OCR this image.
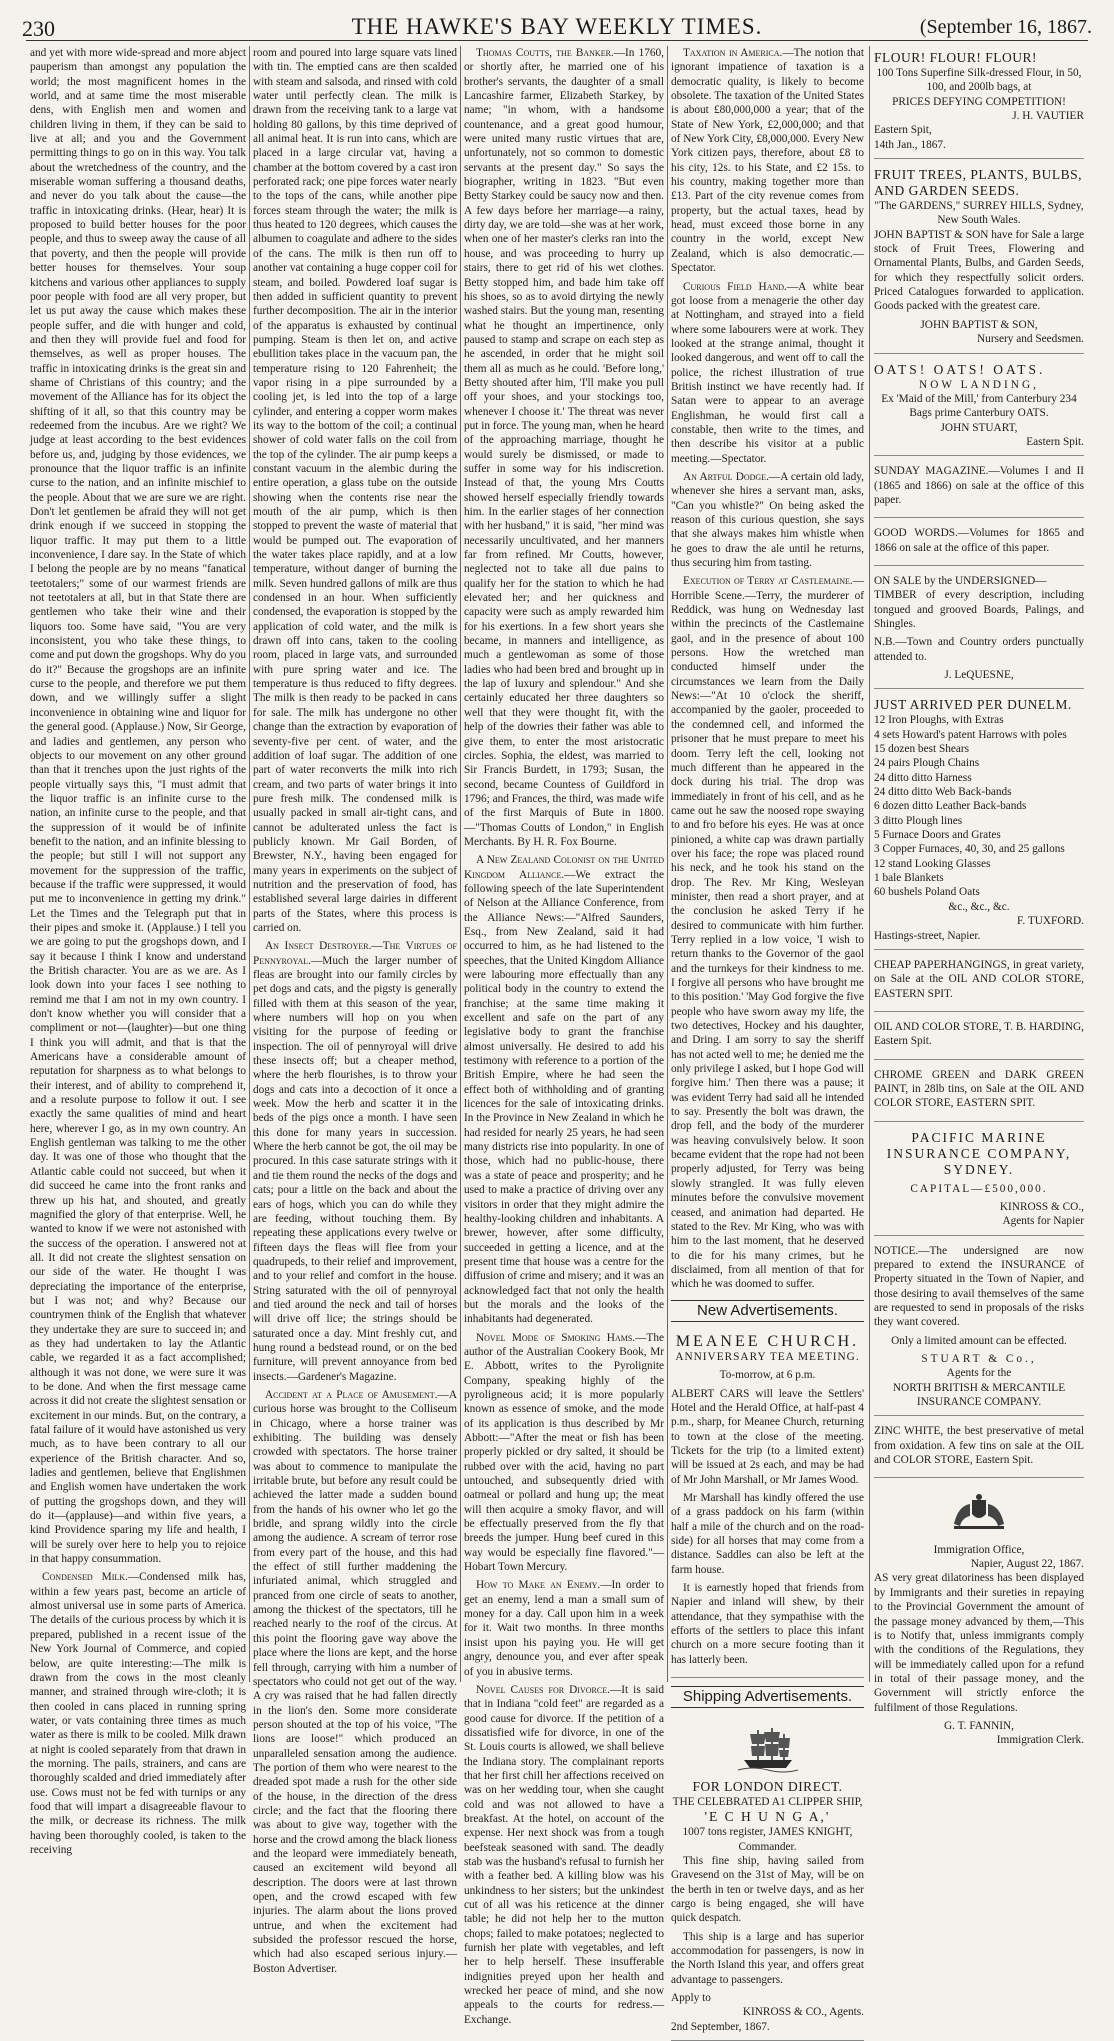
230	THE HAWKE'S BAY WEEKLY TIMES.	(September 16, 1867.

and yet with more wide-spread and more abject pauperism than amongst any population the world; the most magnificent homes in the world, and at same time the most miserable dens, with English men and women and children living in them, if they can be said to live at all; and you and the Government permitting things to go on in this way. You talk about the wretchedness of the country, and the miserable woman suffering a thousand deaths, and never do you talk about the cause—the traffic in intoxicating drinks. (Hear, hear) It is proposed to build better houses for the poor people, and thus to sweep away the cause of all that poverty, and then the people will provide better houses for themselves. Your soup kitchens and various other appliances to supply poor people with food are all very proper, but let us put away the cause which makes these people suffer, and die with hunger and cold, and then they will provide fuel and food for themselves, as well as proper houses. The traffic in intoxicating drinks is the great sin and shame of Christians of this country; and the movement of the Alliance has for its object the shifting of it all, so that this country may be redeemed from the incubus. Are we right? We judge at least according to the best evidences before us, and, judging by those evidences, we pronounce that the liquor traffic is an infinite curse to the nation, and an infinite mischief to the people. About that we are sure we are right. Don't let gentlemen be afraid they will not get drink enough if we succeed in stopping the liquor traffic. It may put them to a little inconvenience, I dare say. In the State of which I belong the people are by no means "fanatical teetotalers;" some of our warmest friends are not teetotalers at all, but in that State there are gentlemen who take their wine and their liquors too. Some have said, "You are very inconsistent, you who take these things, to come and put down the grogshops. Why do you do it?" Because the grogshops are an infinite curse to the people, and therefore we put them down, and we willingly suffer a slight inconvenience in obtaining wine and liquor for the general good. (Applause.) Now, Sir George, and ladies and gentlemen, any person who objects to our movement on any other ground than that it trenches upon the just rights of the people virtually says this, "I must admit that the liquor traffic is an infinite curse to the nation, an infinite curse to the people, and that the suppression of it would be of infinite benefit to the nation, and an infinite blessing to the people; but still I will not support any movement for the suppression of the traffic, because if the traffic were suppressed, it would put me to inconvenience in getting my drink." Let the Times and the Telegraph put that in their pipes and smoke it. (Applause.) I tell you we are going to put the grogshops down, and I say it because I think I know and understand the British character. You are as we are. As I look down into your faces I see nothing to remind me that I am not in my own country. I don't know whether you will consider that a compliment or not—(laughter)—but one thing I think you will admit, and that is that the Americans have a considerable amount of reputation for sharpness as to what belongs to their interest, and of ability to comprehend it, and a resolute purpose to follow it out. I see exactly the same qualities of mind and heart here, wherever I go, as in my own country. An English gentleman was talking to me the other day. It was one of those who thought that the Atlantic cable could not succeed, but when it did succeed he came into the front ranks and threw up his hat, and shouted, and greatly magnified the glory of that enterprise. Well, he wanted to know if we were not astonished with the success of the operation. I answered not at all. It did not create the slightest sensation on our side of the water. He thought I was depreciating the importance of the enterprise, but I was not; and why? Because our countrymen think of the English that whatever they undertake they are sure to succeed in; and as they had undertaken to lay the Atlantic cable, we regarded it as a fact accomplished; although it was not done, we were sure it was to be done. And when the first message came across it did not create the slightest sensation or excitement in our minds. But, on the contrary, a fatal failure of it would have astonished us very much, as to have been contrary to all our experience of the British character. And so, ladies and gentlemen, believe that Englishmen and English women have undertaken the work of putting the grogshops down, and they will do it—(applause)—and within five years, a kind Providence sparing my life and health, I will be surely over here to help you to rejoice in that happy consummation.

Condensed Milk.—Condensed milk has, within a few years past, become an article of almost universal use in some parts of America. The details of the curious process by which it is prepared, published in a recent issue of the New York Journal of Commerce, and copied below, are quite interesting:—The milk is drawn from the cows in the most cleanly manner, and strained through wire-cloth; it is then cooled in cans placed in running spring water, or vats containing three times as much water as there is milk to be cooled. Milk drawn at night is cooled separately from that drawn in the morning. The pails, strainers, and cans are thoroughly scalded and dried immediately after use. Cows must not be fed with turnips or any food that will impart a disagreeable flavour to the milk, or decrease its richness. The milk having been thoroughly cooled, is taken to the receiving

room and poured into large square vats lined with tin. The emptied cans are then scalded with steam and salsoda, and rinsed with cold water until perfectly clean. The milk is drawn from the receiving tank to a large vat holding 80 gallons, by this time deprived of all animal heat. It is run into cans, which are placed in a large circular vat, having a chamber at the bottom covered by a cast iron perforated rack; one pipe forces water nearly to the tops of the cans, while another pipe forces steam through the water; the milk is thus heated to 120 degrees, which causes the albumen to coagulate and adhere to the sides of the cans. The milk is then run off to another vat containing a huge copper coil for steam, and boiled. Powdered loaf sugar is then added in sufficient quantity to prevent further decomposition. The air in the interior of the apparatus is exhausted by continual pumping. Steam is then let on, and active ebullition takes place in the vacuum pan, the temperature rising to 120 Fahrenheit; the vapor rising in a pipe surrounded by a cooling jet, is led into the top of a large cylinder, and entering a copper worm makes its way to the bottom of the coil; a continual shower of cold water falls on the coil from the top of the cylinder. The air pump keeps a constant vacuum in the alembic during the entire operation, a glass tube on the outside showing when the contents rise near the mouth of the air pump, which is then stopped to prevent the waste of material that would be pumped out. The evaporation of the water takes place rapidly, and at a low temperature, without danger of burning the milk. Seven hundred gallons of milk are thus condensed in an hour. When sufficiently condensed, the evaporation is stopped by the application of cold water, and the milk is drawn off into cans, taken to the cooling room, placed in large vats, and surrounded with pure spring water and ice. The temperature is thus reduced to fifty degrees. The milk is then ready to be packed in cans for sale. The milk has undergone no other change than the extraction by evaporation of seventy-five per cent. of water, and the addition of loaf sugar. The addition of one part of water reconverts the milk into rich cream, and two parts of water brings it into pure fresh milk. The condensed milk is usually packed in small air-tight cans, and cannot be adulterated unless the fact is publicly known. Mr Gail Borden, of Brewster, N.Y., having been engaged for many years in experiments on the subject of nutrition and the preservation of food, has established several large dairies in different parts of the States, where this process is carried on.

An Insect Destroyer.—The Virtues of Pennyroyal.—Much the larger number of fleas are brought into our family circles by pet dogs and cats, and the pigsty is generally filled with them at this season of the year, where numbers will hop on you when visiting for the purpose of feeding or inspection. The oil of pennyroyal will drive these insects off; but a cheaper method, where the herb flourishes, is to throw your dogs and cats into a decoction of it once a week. Mow the herb and scatter it in the beds of the pigs once a month. I have seen this done for many years in succession. Where the herb cannot be got, the oil may be procured. In this case saturate strings with it and tie them round the necks of the dogs and cats; pour a little on the back and about the ears of hogs, which you can do while they are feeding, without touching them. By repeating these applications every twelve or fifteen days the fleas will flee from your quadrupeds, to their relief and improvement, and to your relief and comfort in the house. String saturated with the oil of pennyroyal and tied around the neck and tail of horses will drive off lice; the strings should be saturated once a day. Mint freshly cut, and hung round a bedstead round, or on the bed furniture, will prevent annoyance from bed insects.—Gardener's Magazine.

Accident at a Place of Amusement.—A curious horse was brought to the Colliseum in Chicago, where a horse trainer was exhibiting. The building was densely crowded with spectators. The horse trainer was about to commence to manipulate the irritable brute, but before any result could be achieved the latter made a sudden bound from the hands of his owner who let go the bridle, and sprang wildly into the circle among the audience. A scream of terror rose from every part of the house, and this had the effect of still further maddening the infuriated animal, which struggled and pranced from one circle of seats to another, among the thickest of the spectators, till he reached nearly to the roof of the circus. At this point the flooring gave way above the place where the lions are kept, and the horse fell through, carrying with him a number of spectators who could not get out of the way. A cry was raised that he had fallen directly in the lion's den. Some more considerate person shouted at the top of his voice, "The lions are loose!" which produced an unparalleled sensation among the audience. The portion of them who were nearest to the dreaded spot made a rush for the other side of the house, in the direction of the dress circle; and the fact that the flooring there was about to give way, together with the horse and the crowd among the black lioness and the leopard were immediately beneath, caused an excitement wild beyond all description. The doors were at last thrown open, and the crowd escaped with few injuries. The alarm about the lions proved untrue, and when the excitement had subsided the professor rescued the horse, which had also escaped serious injury.—Boston Advertiser.

Thomas Coutts, the Banker.—In 1760, or shortly after, he married one of his brother's servants, the daughter of a small Lancashire farmer, Elizabeth Starkey, by name; "in whom, with a handsome countenance, and a great good humour, were united many rustic virtues that are, unfortunately, not so common to domestic servants at the present day." So says the biographer, writing in 1823. "But even Betty Starkey could be saucy now and then. A few days before her marriage—a rainy, dirty day, we are told—she was at her work, when one of her master's clerks ran into the house, and was proceeding to hurry up stairs, there to get rid of his wet clothes. Betty stopped him, and bade him take off his shoes, so as to avoid dirtying the newly washed stairs. But the young man, resenting what he thought an impertinence, only paused to stamp and scrape on each step as he ascended, in order that he might soil them all as much as he could. 'Before long,' Betty shouted after him, 'I'll make you pull off your shoes, and your stockings too, whenever I choose it.' The threat was never put in force. The young man, when he heard of the approaching marriage, thought he would surely be dismissed, or made to suffer in some way for his indiscretion. Instead of that, the young Mrs Coutts showed herself especially friendly towards him. In the earlier stages of her connection with her husband," it is said, "her mind was necessarily uncultivated, and her manners far from refined. Mr Coutts, however, neglected not to take all due pains to qualify her for the station to which he had elevated her; and her quickness and capacity were such as amply rewarded him for his exertions. In a few short years she became, in manners and intelligence, as much a gentlewoman as some of those ladies who had been bred and brought up in the lap of luxury and splendour." And she certainly educated her three daughters so well that they were thought fit, with the help of the dowries their father was able to give them, to enter the most aristocratic circles. Sophia, the eldest, was married to Sir Francis Burdett, in 1793; Susan, the second, became Countess of Guildford in 1796; and Frances, the third, was made wife of the first Marquis of Bute in 1800.—"Thomas Coutts of London," in English Merchants. By H. R. Fox Bourne.

A New Zealand Colonist on the United Kingdom Alliance.—We extract the following speech of the late Superintendent of Nelson at the Alliance Conference, from the Alliance News:—"Alfred Saunders, Esq., from New Zealand, said it had occurred to him, as he had listened to the speeches, that the United Kingdom Alliance were labouring more effectually than any political body in the country to extend the franchise; at the same time making it excellent and safe on the part of any legislative body to grant the franchise almost universally. He desired to add his testimony with reference to a portion of the British Empire, where he had seen the effect both of withholding and of granting licences for the sale of intoxicating drinks. In the Province in New Zealand in which he had resided for nearly 25 years, he had seen many districts rise into popularity. In one of those, which had no public-house, there was a state of peace and prosperity; and he used to make a practice of driving over any visitors in order that they might admire the healthy-looking children and inhabitants. A brewer, however, after some difficulty, succeeded in getting a licence, and at the present time that house was a centre for the diffusion of crime and misery; and it was an acknowledged fact that not only the health but the morals and the looks of the inhabitants had degenerated.

Novel Mode of Smoking Hams.—The author of the Australian Cookery Book, Mr E. Abbott, writes to the Pyrolignite Company, speaking highly of the pyroligneous acid; it is more popularly known as essence of smoke, and the mode of its application is thus described by Mr Abbott:—"After the meat or fish has been properly pickled or dry salted, it should be rubbed over with the acid, having no part untouched, and subsequently dried with oatmeal or pollard and hung up; the meat will then acquire a smoky flavor, and will be effectually preserved from the fly that breeds the jumper. Hung beef cured in this way would be especially fine flavored."—Hobart Town Mercury.

How to Make an Enemy.—In order to get an enemy, lend a man a small sum of money for a day. Call upon him in a week for it. Wait two months. In three months insist upon his paying you. He will get angry, denounce you, and ever after speak of you in abusive terms.

Novel Causes for Divorce.—It is said that in Indiana "cold feet" are regarded as a good cause for divorce. If the petition of a dissatisfied wife for divorce, in one of the St. Louis courts is allowed, we shall believe the Indiana story. The complainant reports that her first chill her affections received on was on her wedding tour, when she caught cold and was not allowed to have a breakfast. At the hotel, on account of the expense. Her next shock was from a tough beefsteak seasoned with sand. The deadly stab was the husband's refusal to furnish her with a feather bed. A killing blow was his unkindness to her sisters; but the unkindest cut of all was his reticence at the dinner table; he did not help her to the mutton chops; failed to make potatoes; neglected to furnish her plate with vegetables, and left her to help herself. These insufferable indignities preyed upon her health and wrecked her peace of mind, and she now appeals to the courts for redress.—Exchange.

Taxation in America.—The notion that ignorant impatience of taxation is a democratic quality, is likely to become obsolete. The taxation of the United States is about £80,000,000 a year; that of the State of New York, £2,000,000; and that of New York City, £8,000,000. Every New York citizen pays, therefore, about £8 to his city, 12s. to his State, and £2 15s. to his country, making together more than £13. Part of the city revenue comes from property, but the actual taxes, head by head, must exceed those borne in any country in the world, except New Zealand, which is also democratic.—Spectator.

Curious Field Hand.—A white bear got loose from a menagerie the other day at Nottingham, and strayed into a field where some labourers were at work. They looked at the strange animal, thought it looked dangerous, and went off to call the police, the richest illustration of true British instinct we have recently had. If Satan were to appear to an average Englishman, he would first call a constable, then write to the times, and then describe his visitor at a public meeting.—Spectator.

An Artful Dodge.—A certain old lady, whenever she hires a servant man, asks, "Can you whistle?" On being asked the reason of this curious question, she says that she always makes him whistle when he goes to draw the ale until he returns, thus securing him from tasting.

Execution of Terry at Castlemaine.—Horrible Scene.—Terry, the murderer of Reddick, was hung on Wednesday last within the precincts of the Castlemaine gaol, and in the presence of about 100 persons. How the wretched man conducted himself under the circumstances we learn from the Daily News:—"At 10 o'clock the sheriff, accompanied by the gaoler, proceeded to the condemned cell, and informed the prisoner that he must prepare to meet his doom. Terry left the cell, looking not much different than he appeared in the dock during his trial. The drop was immediately in front of his cell, and as he came out he saw the noosed rope swaying to and fro before his eyes. He was at once pinioned, a white cap was drawn partially over his face; the rope was placed round his neck, and he took his stand on the drop. The Rev. Mr King, Wesleyan minister, then read a short prayer, and at the conclusion he asked Terry if he desired to communicate with him further. Terry replied in a low voice, 'I wish to return thanks to the Governor of the gaol and the turnkeys for their kindness to me. I forgive all persons who have brought me to this position.' 'May God forgive the five people who have sworn away my life, the two detectives, Hockey and his daughter, and Dring. I am sorry to say the sheriff has not acted well to me; he denied me the only privilege I asked, but I hope God will forgive him.' Then there was a pause; it was evident Terry had said all he intended to say. Presently the bolt was drawn, the drop fell, and the body of the murderer was heaving convulsively below. It soon became evident that the rope had not been properly adjusted, for Terry was being slowly strangled. It was fully eleven minutes before the convulsive movement ceased, and animation had departed. He stated to the Rev. Mr King, who was with him to the last moment, that he deserved to die for his many crimes, but he disclaimed, from all mention of that for which he was doomed to suffer.

New Advertisements.
MEANEE CHURCH.
ANNIVERSARY TEA MEETING.
To-morrow, at 6 p.m.

ALBERT CARS will leave the Settlers' Hotel and the Herald Office, at half-past 4 p.m., sharp, for Meanee Church, returning to town at the close of the meeting. Tickets for the trip (to a limited extent) will be issued at 2s each, and may be had of Mr John Marshall, or Mr James Wood.

Mr Marshall has kindly offered the use of a grass paddock on his farm (within half a mile of the church and on the road-side) for all horses that may come from a distance. Saddles can also be left at the farm house.

It is earnestly hoped that friends from Napier and inland will shew, by their attendance, that they sympathise with the efforts of the settlers to place this infant church on a more secure footing than it has latterly been.

Shipping Advertisements.
FOR LONDON DIRECT.
THE CELEBRATED A1 CLIPPER SHIP,
'E C H U N G A,'
1007 tons register, JAMES KNIGHT, Commander.

This fine ship, having sailed from Gravesend on the 31st of May, will be on the berth in ten or twelve days, and as her cargo is being engaged, she will have quick despatch.

This ship is a large and has superior accommodation for passengers, is now in the North Island this year, and offers great advantage to passengers.

Apply to
KINROSS & CO., Agents.
2nd September, 1867.
FLOUR! FLOUR! FLOUR!
100 Tons Superfine Silk-dressed Flour, in 50, 100, and 200lb bags, at
PRICES DEFYING COMPETITION!
J. H. VAUTIER
Eastern Spit,
14th Jan., 1867.
FRUIT TREES, PLANTS, BULBS, AND GARDEN SEEDS.
"The GARDENS," SURREY HILLS, Sydney, New South Wales.

JOHN BAPTIST & SON have for Sale a large stock of Fruit Trees, Flowering and Ornamental Plants, Bulbs, and Garden Seeds, for which they respectfully solicit orders. Priced Catalogues forwarded to application. Goods packed with the greatest care.

JOHN BAPTIST & SON,
Nursery and Seedsmen.
OATS! OATS! OATS.
NOW LANDING,
Ex 'Maid of the Mill,' from Canterbury 234 Bags prime Canterbury OATS.
JOHN STUART,
Eastern Spit.

SUNDAY MAGAZINE.—Volumes I and II (1865 and 1866) on sale at the office of this paper.

GOOD WORDS.—Volumes for 1865 and 1866 on sale at the office of this paper.

ON SALE by the UNDERSIGNED—

TIMBER of every description, including tongued and grooved Boards, Palings, and Shingles.

N.B.—Town and Country orders punctually attended to.

J. LeQUESNE,
JUST ARRIVED PER DUNELM.
12 Iron Ploughs, with Extras
4 sets Howard's patent Harrows with poles
15 dozen best Shears
24 pairs Plough Chains
24 ditto ditto Harness
24 ditto ditto Web Back-bands
6 dozen ditto Leather Back-bands
3 ditto Plough lines
5 Furnace Doors and Grates
3 Copper Furnaces, 40, 30, and 25 gallons
12 stand Looking Glasses
1 bale Blankets
60 bushels Poland Oats
&c., &c., &c.
F. TUXFORD.
Hastings-street, Napier.

CHEAP PAPERHANGINGS, in great variety, on Sale at the OIL AND COLOR STORE, EASTERN SPIT.

OIL AND COLOR STORE, T. B. HARDING, Eastern Spit.

CHROME GREEN and DARK GREEN PAINT, in 28lb tins, on Sale at the OIL AND COLOR STORE, EASTERN SPIT.

PACIFIC MARINE INSURANCE COMPANY, SYDNEY.
CAPITAL—£500,000.
KINROSS & CO.,
Agents for Napier

NOTICE.—The undersigned are now prepared to extend the INSURANCE of Property situated in the Town of Napier, and those desiring to avail themselves of the same are requested to send in proposals of the risks they want covered.

Only a limited amount can be effected.
STUART & Co.,
Agents for the
NORTH BRITISH & MERCANTILE INSURANCE COMPANY.

ZINC WHITE, the best preservative of metal from oxidation. A few tins on sale at the OIL and COLOR STORE, Eastern Spit.

Immigration Office,
Napier, August 22, 1867.

AS very great dilatoriness has been displayed by Immigrants and their sureties in repaying to the Provincial Government the amount of the passage money advanced by them,—This is to Notify that, unless immigrants comply with the conditions of the Regulations, they will be immediately called upon for a refund in total of their passage money, and the Government will strictly enforce the fulfilment of those Regulations.

G. T. FANNIN,
Immigration Clerk.
